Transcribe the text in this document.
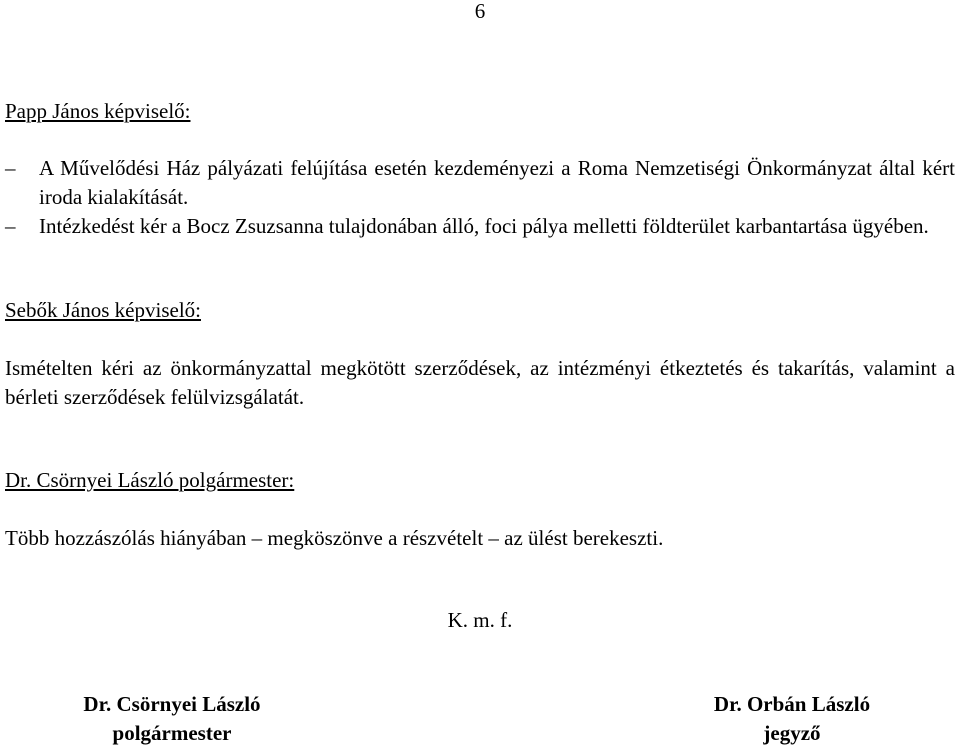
6

Papp János képviselő:

– A Művelődési Ház pályázati felújítása esetén kezdeményezi a Roma Nemzetiségi Önkormányzat által kért iroda kialakítását.
– Intézkedést kér a Bocz Zsuzsanna tulajdonában álló, foci pálya melletti földterület karbantartása ügyében.

Sebők János képviselő:

Ismételten kéri az önkormányzattal megkötött szerződések, az intézményi étkeztetés és takarítás, valamint a bérleti szerződések felülvizsgálatát.

Dr. Csörnyei László polgármester:

Több hozzászólás hiányában – megköszönve a részvételt – az ülést berekeszti.

K. m. f.
Dr. Csörnyei László
polgármester
Dr. Orbán László
jegyző
